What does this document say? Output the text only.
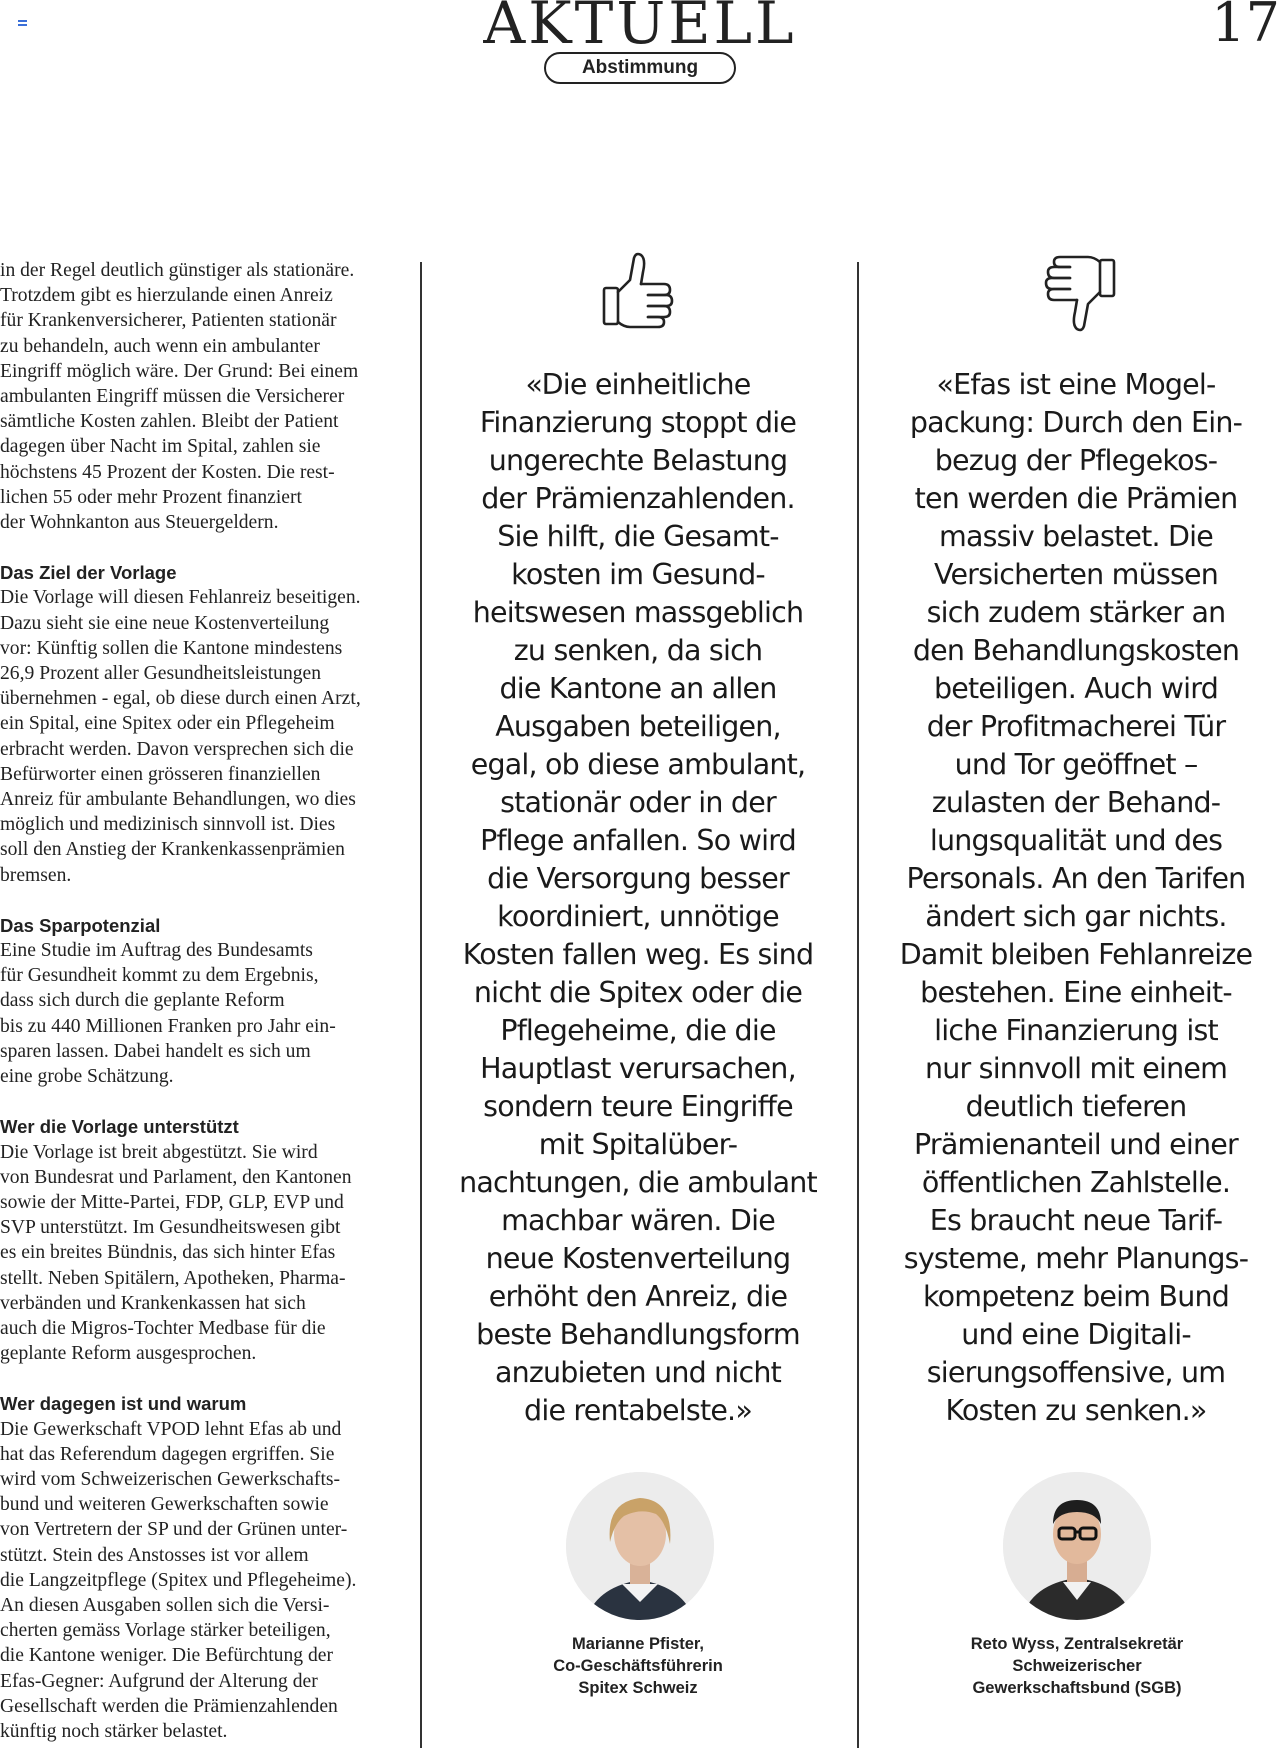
AKTUELL	17
Abstimmung

in der Regel deutlich günstiger als stationäre.
Trotzdem gibt es hierzulande einen Anreiz
für Krankenversicherer, Patienten stationär
zu behandeln, auch wenn ein ambulanter
Eingriff möglich wäre. Der Grund: Bei einem
ambulanten Eingriff müssen die Versicherer
sämtliche Kosten zahlen. Bleibt der Patient
dagegen über Nacht im Spital, zahlen sie
höchstens 45 Prozent der Kosten. Die rest-
lichen 55 oder mehr Prozent finanziert
der Wohnkanton aus Steuergeldern.

Das Ziel der Vorlage

Die Vorlage will diesen Fehlanreiz beseitigen.
Dazu sieht sie eine neue Kostenverteilung
vor: Künftig sollen die Kantone mindestens
26,9 Prozent aller Gesundheitsleistungen
übernehmen - egal, ob diese durch einen Arzt,
ein Spital, eine Spitex oder ein Pflegeheim
erbracht werden. Davon versprechen sich die
Befürworter einen grösseren finanziellen
Anreiz für ambulante Behandlungen, wo dies
möglich und medizinisch sinnvoll ist. Dies
soll den Anstieg der Krankenkassenprämien
bremsen.

Das Sparpotenzial

Eine Studie im Auftrag des Bundesamts
für Gesundheit kommt zu dem Ergebnis,
dass sich durch die geplante Reform
bis zu 440 Millionen Franken pro Jahr ein-
sparen lassen. Dabei handelt es sich um
eine grobe Schätzung.

Wer die Vorlage unterstützt

Die Vorlage ist breit abgestützt. Sie wird
von Bundesrat und Parlament, den Kantonen
sowie der Mitte-Partei, FDP, GLP, EVP und
SVP unterstützt. Im Gesundheitswesen gibt
es ein breites Bündnis, das sich hinter Efas
stellt. Neben Spitälern, Apotheken, Pharma-
verbänden und Krankenkassen hat sich
auch die Migros-Tochter Medbase für die
geplante Reform ausgesprochen.

Wer dagegen ist und warum

Die Gewerkschaft VPOD lehnt Efas ab und
hat das Referendum dagegen ergriffen. Sie
wird vom Schweizerischen Gewerkschafts-
bund und weiteren Gewerkschaften sowie
von Vertretern der SP und der Grünen unter-
stützt. Stein des Anstosses ist vor allem
die Langzeitpflege (Spitex und Pflegeheime).
An diesen Ausgaben sollen sich die Versi-
cherten gemäss Vorlage stärker beteiligen,
die Kantone weniger. Die Befürchtung der
Efas-Gegner: Aufgrund der Alterung der
Gesellschaft werden die Prämienzahlenden
künftig noch stärker belastet.

«Die einheitliche
Finanzierung stoppt die
ungerechte Belastung
der Prämienzahlenden.
Sie hilft, die Gesamt-
kosten im Gesund-
heitswesen massgeblich
zu senken, da sich
die Kantone an allen
Ausgaben beteiligen,
egal, ob diese ambulant,
stationär oder in der
Pflege anfallen. So wird
die Versorgung besser
koordiniert, unnötige
Kosten fallen weg. Es sind
nicht die Spitex oder die
Pflegeheime, die die
Hauptlast verursachen,
sondern teure Eingriffe
mit Spitalüber-
nachtungen, die ambulant
machbar wären. Die
neue Kostenverteilung
erhöht den Anreiz, die
beste Behandlungsform
anzubieten und nicht
die rentabelste.»
Marianne Pfister,
Co-Geschäftsführerin
Spitex Schweiz
«Efas ist eine Mogel-
packung: Durch den Ein-
bezug der Pflegekos-
ten werden die Prämien
massiv belastet. Die
Versicherten müssen
sich zudem stärker an
den Behandlungskosten
beteiligen. Auch wird
der Profitmacherei Tür
und Tor geöffnet –
zulasten der Behand-
lungsqualität und des
Personals. An den Tarifen
ändert sich gar nichts.
Damit bleiben Fehlanreize
bestehen. Eine einheit-
liche Finanzierung ist
nur sinnvoll mit einem
deutlich tieferen
Prämienanteil und einer
öffentlichen Zahlstelle.
Es braucht neue Tarif-
systeme, mehr Planungs-
kompetenz beim Bund
und eine Digitali-
sierungsoffensive, um
Kosten zu senken.»
Reto Wyss, Zentralsekretär
Schweizerischer
Gewerkschaftsbund (SGB)
